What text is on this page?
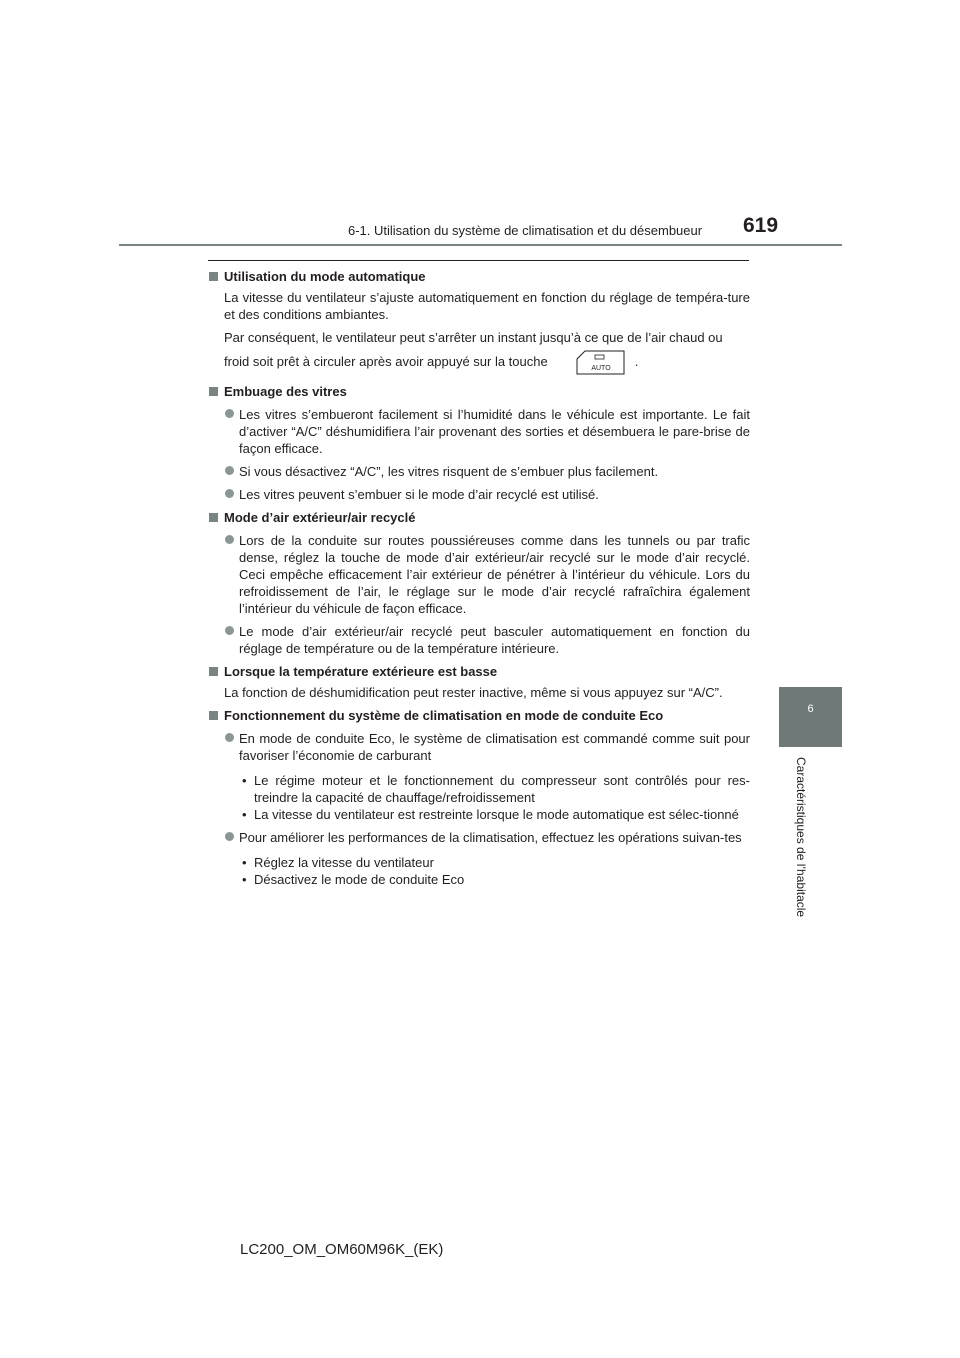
6-1. Utilisation du système de climatisation et du désembueur 619
6
Caractéristiques de l’habitacle

Utilisation du mode automatique

La vitesse du ventilateur s’ajuste automatiquement en fonction du réglage de tempéra-ture et des conditions ambiantes.

Par conséquent, le ventilateur peut s’arrêter un instant jusqu’à ce que de l’air chaud ou

froid soit prêt à circuler après avoir appuyé sur la touche	AUTO .

Embuage des vitres

Les vitres s’embueront facilement si l’humidité dans le véhicule est importante. Le fait d’activer “A/C” déshumidifiera l’air provenant des sorties et désembuera le pare-brise de façon efficace.

Si vous désactivez “A/C”, les vitres risquent de s’embuer plus facilement.

Les vitres peuvent s’embuer si le mode d’air recyclé est utilisé.

Mode d’air extérieur/air recyclé

Lors de la conduite sur routes poussiéreuses comme dans les tunnels ou par trafic dense, réglez la touche de mode d’air extérieur/air recyclé sur le mode d’air recyclé. Ceci empêche efficacement l’air extérieur de pénétrer à l’intérieur du véhicule. Lors du refroidissement de l’air, le réglage sur le mode d’air recyclé rafraîchira également l’intérieur du véhicule de façon efficace.

Le mode d’air extérieur/air recyclé peut basculer automatiquement en fonction du réglage de température ou de la température intérieure.

Lorsque la température extérieure est basse

La fonction de déshumidification peut rester inactive, même si vous appuyez sur “A/C”.

Fonctionnement du système de climatisation en mode de conduite Eco

En mode de conduite Eco, le système de climatisation est commandé comme suit pour favoriser l’économie de carburant

• Le régime moteur et le fonctionnement du compresseur sont contrôlés pour res-treindre la capacité de chauffage/refroidissement

• La vitesse du ventilateur est restreinte lorsque le mode automatique est sélec-tionné

Pour améliorer les performances de la climatisation, effectuez les opérations suivan-tes

• Réglez la vitesse du ventilateur

• Désactivez le mode de conduite Eco

LC200_OM_OM60M96K_(EK)
